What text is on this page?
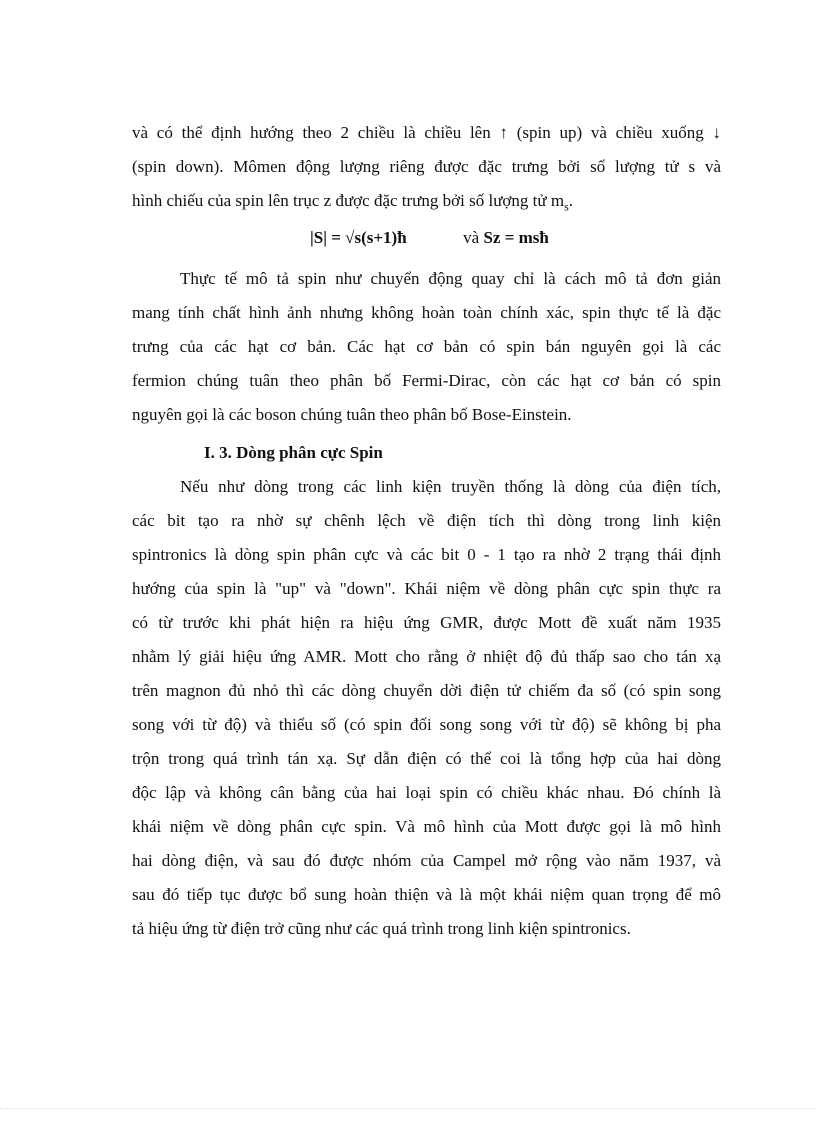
và có thể định hướng theo 2 chiều là chiều lên ↑ (spin up) và chiều xuống ↓
(spin down). Mômen động lượng riêng được đặc trưng bởi số lượng tử s và
hình chiếu của spin lên trục z được đặc trưng bởi số lượng tử $m_s$.
|S| = √s(s+1)ħ	và Sz = msħ
Thực tế mô tả spin như chuyển động quay chỉ là cách mô tả đơn giản
mang tính chất hình ảnh nhưng không hoàn toàn chính xác, spin thực tế là đặc
trưng của các hạt cơ bản. Các hạt cơ bản có spin bán nguyên gọi là các
fermion chúng tuân theo phân bố Fermi-Dirac, còn các hạt cơ bản có spin
nguyên gọi là các boson chúng tuân theo phân bố Bose-Einstein.
I. 3. Dòng phân cực Spin
Nếu như dòng trong các linh kiện truyền thống là dòng của điện tích,
các bit tạo ra nhờ sự chênh lệch về điện tích thì dòng trong linh kiện
spintronics là dòng spin phân cực và các bit 0 - 1 tạo ra nhờ 2 trạng thái định
hướng của spin là "up" và "down". Khái niệm về dòng phân cực spin thực ra
có từ trước khi phát hiện ra hiệu ứng GMR, được Mott đề xuất năm 1935
nhằm lý giải hiệu ứng AMR. Mott cho rằng ở nhiệt độ đủ thấp sao cho tán xạ
trên magnon đủ nhỏ thì các dòng chuyển dời điện tử chiếm đa số (có spin song
song với từ độ) và thiểu số (có spin đối song song với từ độ) sẽ không bị pha
trộn trong quá trình tán xạ. Sự dẫn điện có thể coi là tổng hợp của hai dòng
độc lập và không cân bằng của hai loại spin có chiều khác nhau. Đó chính là
khái niệm về dòng phân cực spin. Và mô hình của Mott được gọi là mô hình
hai dòng điện, và sau đó được nhóm của Campel mở rộng vào năm 1937, và
sau đó tiếp tục được bổ sung hoàn thiện và là một khái niệm quan trọng để mô
tả hiệu ứng từ điện trở cũng như các quá trình trong linh kiện spintronics.
